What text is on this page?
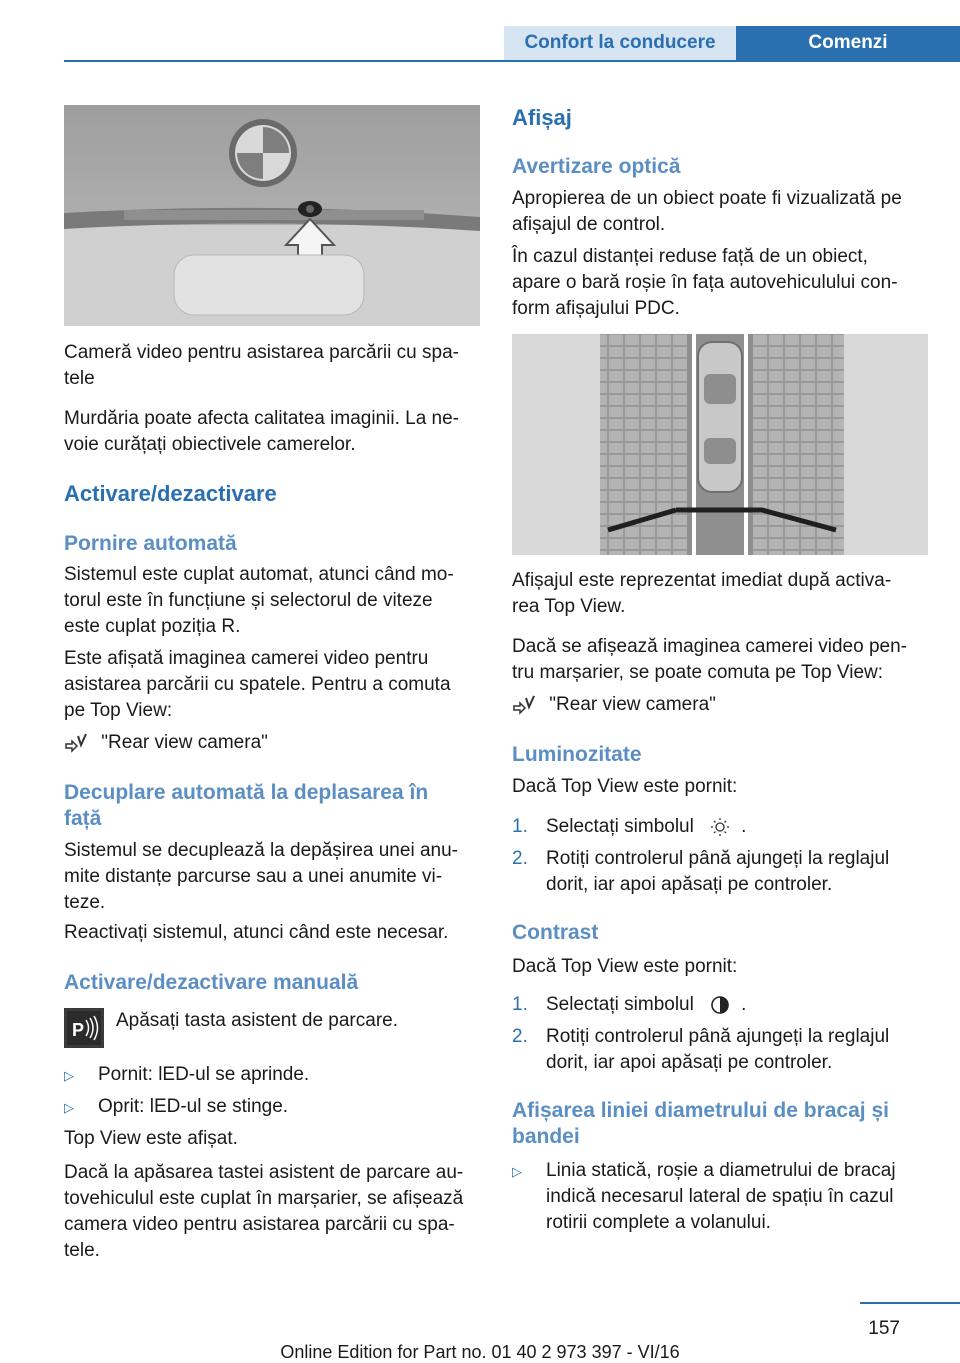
Confort la conducere	Comenzi

Cameră video pentru asistarea parcării cu spa‐
tele

Murdăria poate afecta calitatea imaginii. La ne‐
voie curățați obiectivele camerelor.

Activare/dezactivare
Pornire automată

Sistemul este cuplat automat, atunci când mo‐
torul este în funcțiune și selectorul de viteze
este cuplat poziția R.

Este afișată imaginea camerei video pentru
asistarea parcării cu spatele. Pentru a comuta
pe Top View:

"Rear view camera"
Decuplare automată la deplasarea în
față

Sistemul se decuplează la depășirea unei anu‐
mite distanțe parcurse sau a unei anumite vi‐
teze.

Reactivați sistemul, atunci când este necesar.

Activare/dezactivare manuală
P Apăsați tasta asistent de parcare.

▷ Pornit: lED-ul se aprinde.
▷ Oprit: lED-ul se stinge.

Top View este afișat.

Dacă la apăsarea tastei asistent de parcare au‐
tovehiculul este cuplat în marșarier, se afișează
camera video pentru asistarea parcării cu spa‐
tele.

Afișaj
Avertizare optică

Apropierea de un obiect poate fi vizualizată pe
afișajul de control.

În cazul distanței reduse față de un obiect,
apare o bară roșie în fața autovehiculului con‐
form afișajului PDC.

Afișajul este reprezentat imediat după activa‐
rea Top View.

Dacă se afișează imaginea camerei video pen‐
tru marșarier, se poate comuta pe Top View:

"Rear view camera"
Luminozitate

Dacă Top View este pornit:

1. Selectați simbolul .
2. Rotiți controlerul până ajungeți la reglajul
dorit, iar apoi apăsați pe controler.
Contrast

Dacă Top View este pornit:

1. Selectați simbolul .
2. Rotiți controlerul până ajungeți la reglajul
dorit, iar apoi apăsați pe controler.
Afișarea liniei diametrului de bracaj și
bandei
▷ Linia statică, roșie a diametrului de bracaj
indică necesarul lateral de spațiu în cazul
rotirii complete a volanului.
157
Online Edition for Part no. 01 40 2 973 397 - VI/16
